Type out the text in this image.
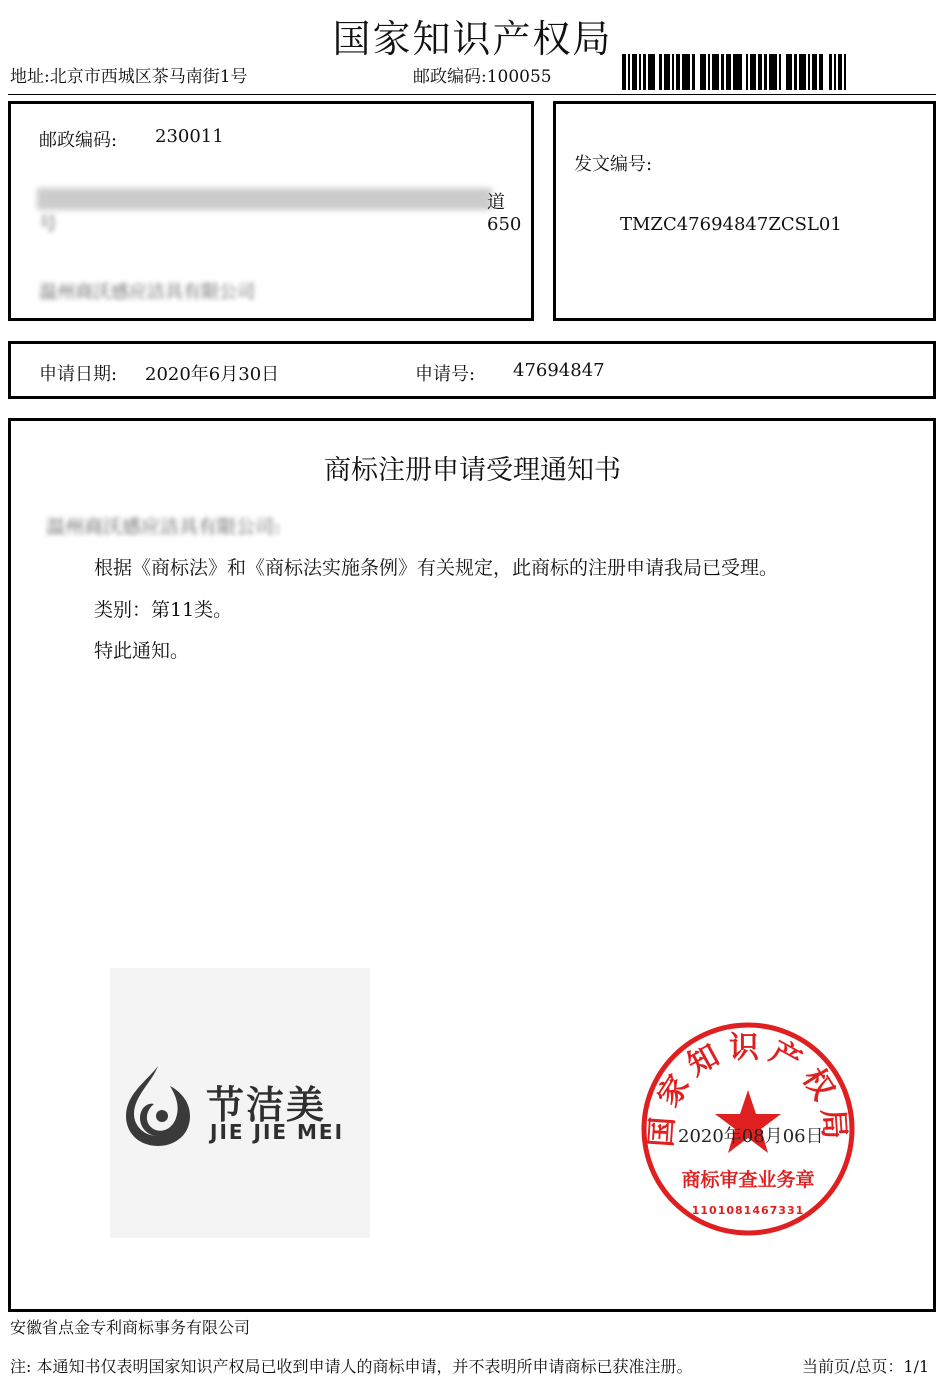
国家知识产权局
地址:北京市西城区茶马南街1号	邮政编码:100055
邮政编码: 230011
道650
号
温州商沃感应洁具有限公司
发文编号:
TMZC47694847ZCSL01
申请日期: 2020年6月30日	申请号: 47694847
商标注册申请受理通知书
温州商沃感应洁具有限公司:
根据《商标法》和《商标法实施条例》有关规定，此商标的注册申请我局已受理。
类别：第11类。
特此通知。
节洁美
JIE JIE MEI	国家知识产权局
商标审查业务章
1101081467331
2020年08月06日
安徽省点金专利商标事务有限公司
注: 本通知书仅表明国家知识产权局已收到申请人的商标申请，并不表明所申请商标已获准注册。	当前页/总页：1/1
